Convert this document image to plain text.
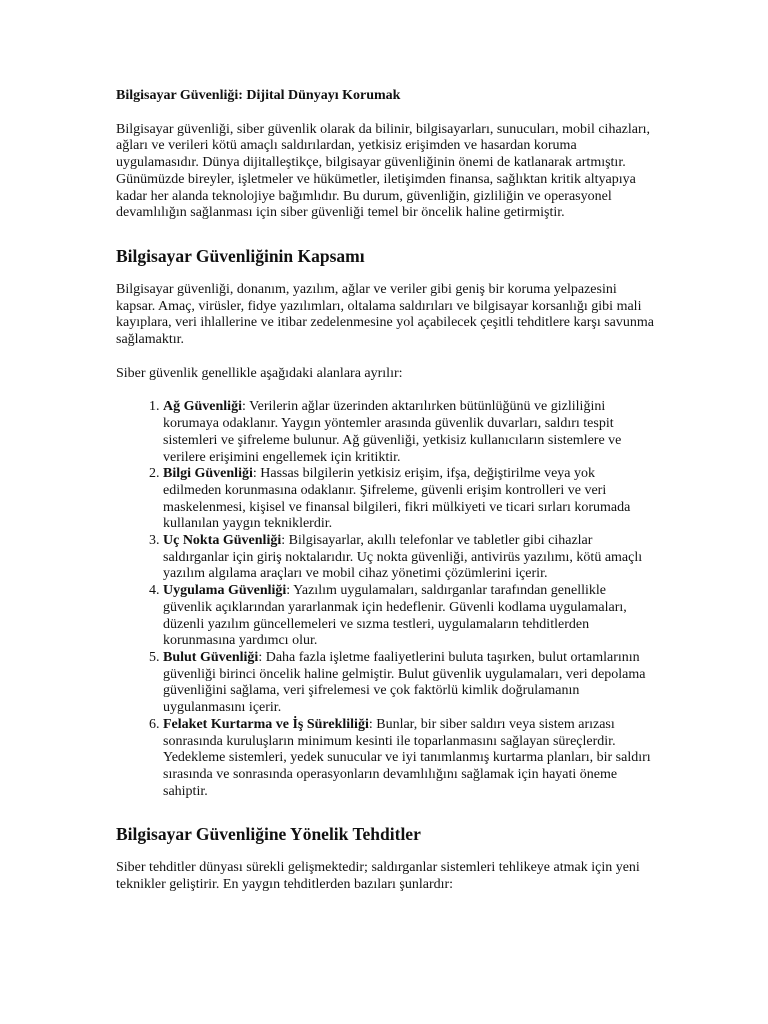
Bilgisayar Güvenliği: Dijital Dünyayı Korumak

Bilgisayar güvenliği, siber güvenlik olarak da bilinir, bilgisayarları, sunucuları, mobil cihazları, ağları ve verileri kötü amaçlı saldırılardan, yetkisiz erişimden ve hasardan koruma uygulamasıdır. Dünya dijitalleştikçe, bilgisayar güvenliğinin önemi de katlanarak artmıştır. Günümüzde bireyler, işletmeler ve hükümetler, iletişimden finansa, sağlıktan kritik altyapıya kadar her alanda teknolojiye bağımlıdır. Bu durum, güvenliğin, gizliliğin ve operasyonel devamlılığın sağlanması için siber güvenliği temel bir öncelik haline getirmiştir.

Bilgisayar Güvenliğinin Kapsamı

Bilgisayar güvenliği, donanım, yazılım, ağlar ve veriler gibi geniş bir koruma yelpazesini kapsar. Amaç, virüsler, fidye yazılımları, oltalama saldırıları ve bilgisayar korsanlığı gibi mali kayıplara, veri ihlallerine ve itibar zedelenmesine yol açabilecek çeşitli tehditlere karşı savunma sağlamaktır.

Siber güvenlik genellikle aşağıdaki alanlara ayrılır:

1. Ağ Güvenliği: Verilerin ağlar üzerinden aktarılırken bütünlüğünü ve gizliliğini korumaya odaklanır. Yaygın yöntemler arasında güvenlik duvarları, saldırı tespit sistemleri ve şifreleme bulunur. Ağ güvenliği, yetkisiz kullanıcıların sistemlere ve verilere erişimini engellemek için kritiktir.
2. Bilgi Güvenliği: Hassas bilgilerin yetkisiz erişim, ifşa, değiştirilme veya yok edilmeden korunmasına odaklanır. Şifreleme, güvenli erişim kontrolleri ve veri maskelenmesi, kişisel ve finansal bilgileri, fikri mülkiyeti ve ticari sırları korumada kullanılan yaygın tekniklerdir.
3. Uç Nokta Güvenliği: Bilgisayarlar, akıllı telefonlar ve tabletler gibi cihazlar saldırganlar için giriş noktalarıdır. Uç nokta güvenliği, antivirüs yazılımı, kötü amaçlı yazılım algılama araçları ve mobil cihaz yönetimi çözümlerini içerir.
4. Uygulama Güvenliği: Yazılım uygulamaları, saldırganlar tarafından genellikle güvenlik açıklarından yararlanmak için hedeflenir. Güvenli kodlama uygulamaları, düzenli yazılım güncellemeleri ve sızma testleri, uygulamaların tehditlerden korunmasına yardımcı olur.
5. Bulut Güvenliği: Daha fazla işletme faaliyetlerini buluta taşırken, bulut ortamlarının güvenliği birinci öncelik haline gelmiştir. Bulut güvenlik uygulamaları, veri depolama güvenliğini sağlama, veri şifrelemesi ve çok faktörlü kimlik doğrulamanın uygulanmasını içerir.
6. Felaket Kurtarma ve İş Sürekliliği: Bunlar, bir siber saldırı veya sistem arızası sonrasında kuruluşların minimum kesinti ile toparlanmasını sağlayan süreçlerdir. Yedekleme sistemleri, yedek sunucular ve iyi tanımlanmış kurtarma planları, bir saldırı sırasında ve sonrasında operasyonların devamlılığını sağlamak için hayati öneme sahiptir.
Bilgisayar Güvenliğine Yönelik Tehditler

Siber tehditler dünyası sürekli gelişmektedir; saldırganlar sistemleri tehlikeye atmak için yeni teknikler geliştirir. En yaygın tehditlerden bazıları şunlardır:
